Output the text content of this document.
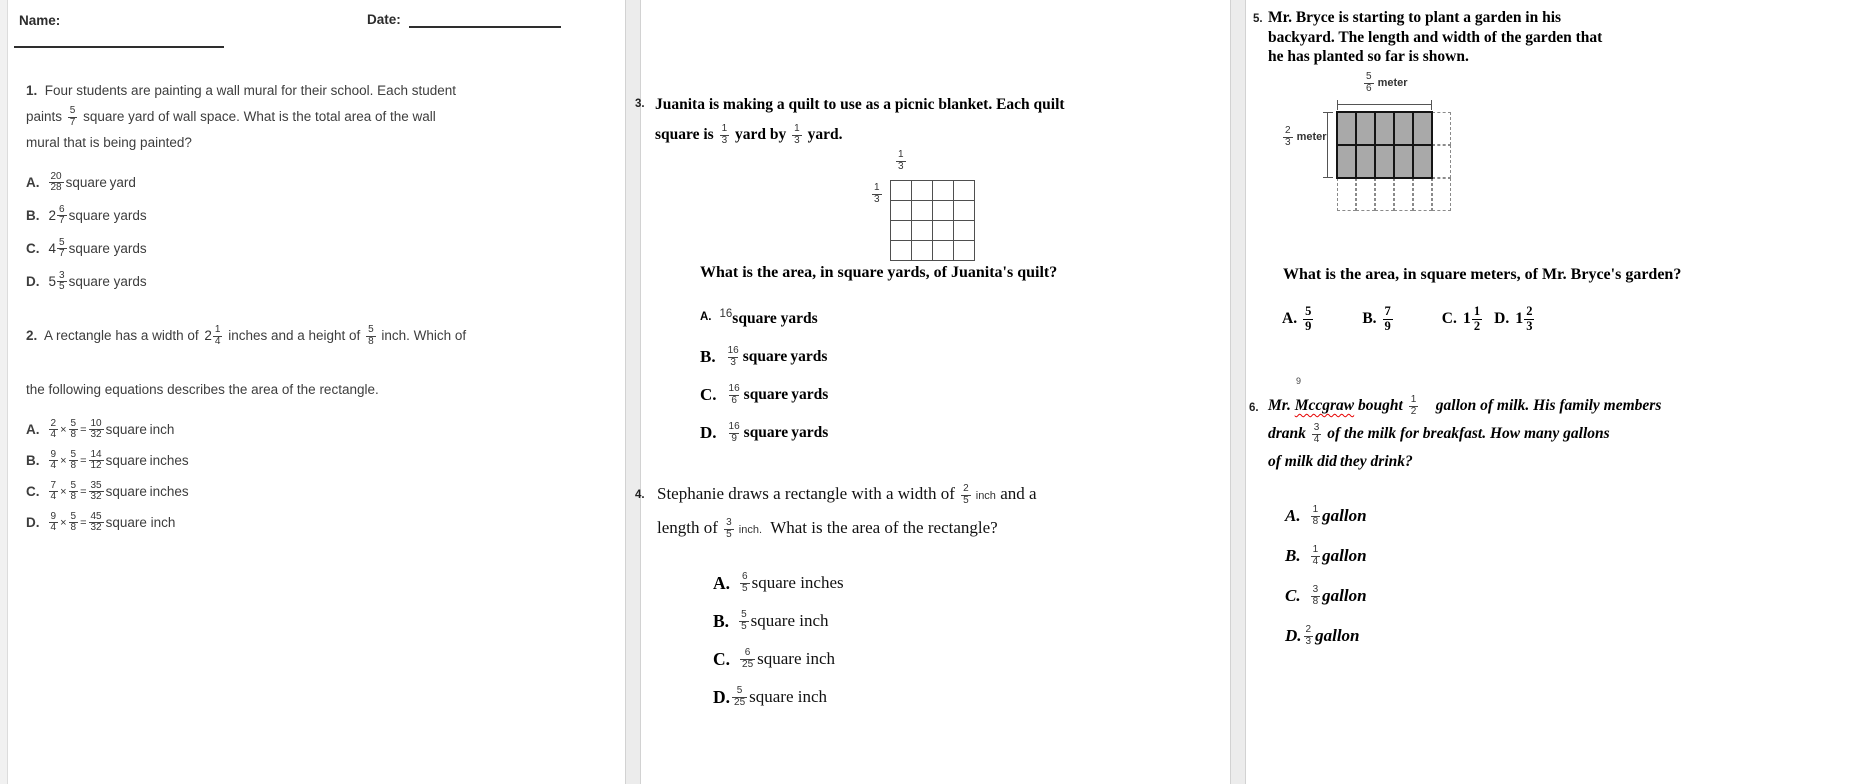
Name:	Date:
1.  Four students are painting a wall mural for their school. Each student
paints $\frac{5}{7}$ square yard of wall space. What is the total area of the wall
mural that is being painted?
A. $\frac{20}{28}$ square yard
B. $2 \frac{6}{7}$ square yards
C. $4 \frac{5}{7}$ square yards
D. $5 \frac{3}{5}$ square yards
2.  A rectangle has a width of $2 \frac{1}{4}$ inches and a height of $\frac{5}{8}$ inch. Which of
the following equations describes the area of the rectangle.
A. $\frac{2}{4} \times \frac{5}{8} = \frac{10}{32}$ square inch
B. $\frac{9}{4} \times \frac{5}{8} = \frac{14}{12}$ square inches
C. $\frac{7}{4} \times \frac{5}{8} = \frac{35}{32}$ square inches
D. $\frac{9}{4} \times \frac{5}{8} = \frac{45}{32}$ square inch
3. Juanita is making a quilt to use as a picnic blanket. Each quilt
square is $\frac{1}{3}$ yard by $\frac{1}{3}$ yard.
$\frac{1}{3}$
$\frac{1}{3}$
What is the area, in square yards, of Juanita's quilt?
A. 16 square yards
B. $\frac{16}{3}$ square yards
C. $\frac{16}{6}$ square yards
D. $\frac{16}{9}$ square yards
4. Stephanie draws a rectangle with a width of $\frac{2}{5}$ inch and a
length of $\frac{3}{5}$ inch.  What is the area of the rectangle?
A. $\frac{6}{5}$ square inches
B. $\frac{5}{5}$ square inch
C. $\frac{6}{25}$ square inch
D. $\frac{5}{25}$ square inch
5. Mr. Bryce is starting to plant a garden in his
backyard. The length and width of the garden that
he has planted so far is shown.
$\frac{5}{6}$ meter
$\frac{2}{3}$ meter
What is the area, in square meters, of Mr. Bryce's garden?
A. $\frac{5}{9}$	B. $\frac{7}{9}$	C. $1 \frac{1}{2} D$. $1 \frac{2}{3}$
9
6. Mr. Mccgraw bought $\frac{1}{2}$ gallon of milk. His family members
drank $\frac{3}{4}$ of the milk for breakfast. How many gallons
of milk did they drink?
A. $\frac{1}{8}$ gallon
B. $\frac{1}{4}$ gallon
C. $\frac{3}{8}$ gallon
D. $\frac{2}{3}$ gallon
